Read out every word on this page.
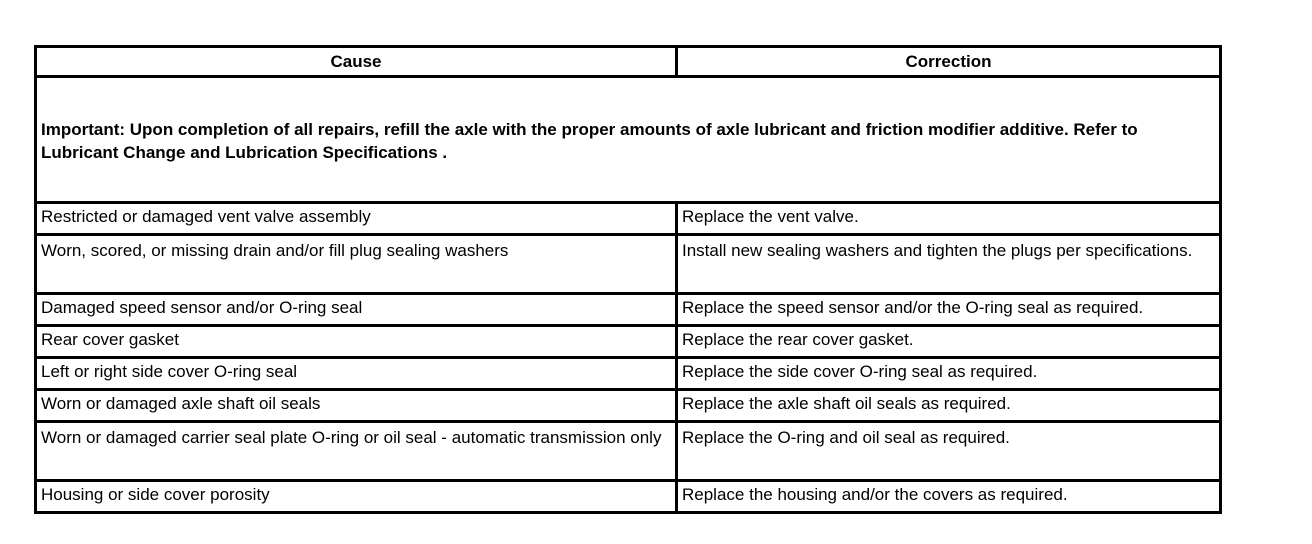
Cause	Correction
Important: Upon completion of all repairs, refill the axle with the proper amounts of axle lubricant and friction modifier additive. Refer to Lubricant Change and Lubrication Specifications .	
Restricted or damaged vent valve assembly	Replace the vent valve.
Worn, scored, or missing drain and/or fill plug sealing washers	Install new sealing washers and tighten the plugs per specifications.
Damaged speed sensor and/or O-ring seal	Replace the speed sensor and/or the O-ring seal as required.
Rear cover gasket	Replace the rear cover gasket.
Left or right side cover O-ring seal	Replace the side cover O-ring seal as required.
Worn or damaged axle shaft oil seals	Replace the axle shaft oil seals as required.
Worn or damaged carrier seal plate O-ring or oil seal - automatic transmission only	Replace the O-ring and oil seal as required.
Housing or side cover porosity	Replace the housing and/or the covers as required.
